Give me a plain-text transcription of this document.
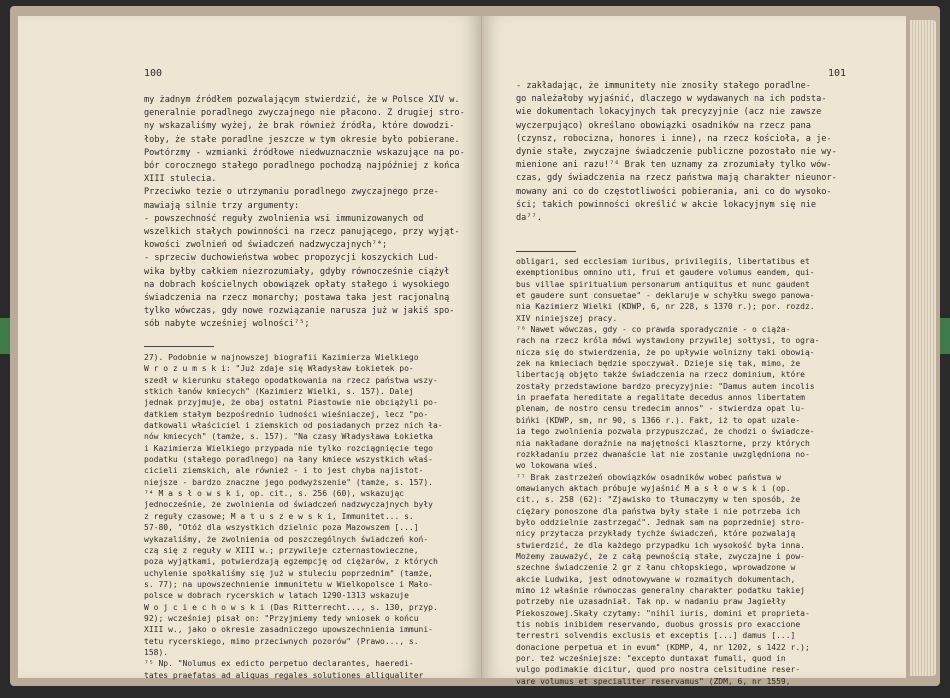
100
my żadnym źródłem pozwalającym stwierdzić, że w Polsce XIV w.
generalnie poradlnego zwyczajnego nie płacono. Z drugiej stro-
ny wskazaliśmy wyżej, że brak również źródła, które dowodzi-
łoby, że stałe poradlne jeszcze w tym okresie było pobierane.
Powtórzmy - wzmianki źródłowe niedwuznacznie wskazujące na po-
bór corocznego stałego poradlnego pochodzą najpóźniej z końca
XIII stulecia.
Przeciwko tezie o utrzymaniu poradlnego zwyczajnego prze-
mawiają silnie trzy argumenty:
- powszechność reguły zwolnienia wsi immunizowanych od
wszelkich stałych powinności na rzecz panującego, przy wyjąt-
kowości zwolnień od świadczeń nadzwyczajnych⁷⁴;
- sprzeciw duchowieństwa wobec propozycji koszyckich Lud-
wika byłby całkiem niezrozumiały, gdyby równocześnie ciążył
na dobrach kościelnych obowiązek opłaty stałego i wysokiego
świadczenia na rzecz monarchy; postawa taka jest racjonalną
tylko wówczas, gdy nowe rozwiązanie narusza już w jakiś spo-
sób nabyte wcześniej wolności⁷⁵;
27). Podobnie w najnowszej biografii Kazimierza Wielkiego
W r o z u m s k i: "Już zdaje się Władysław Łokietek po-
szedł w kierunku stałego opodatkowania na rzecz państwa wszy-
stkich łanów kmiecych" (Kazimierz Wielki, s. 157). Dalej
jednak przyjmuje, że obaj ostatni Piastowie nie obciążyli po-
datkiem stałym bezpośrednio ludności wieśniaczej, lecz "po-
datkowali właściciel i ziemskich od posiadanych przez nich ła-
nów kmiecych" (tamże, s. 157). "Na czasy Władysława Łokietka
i Kazimierza Wielkiego przypada nie tylko rozciągnięcie tego
podatku (stałego poradlnego) na łany kmiece wszystkich właś-
cicieli ziemskich, ale również - i to jest chyba najistot-
niejsze - bardzo znaczne jego podwyższenie" (tamże, s. 157).
⁷⁴ M a s ł o w s k i, op. cit., s. 256 (60), wskazując
jednocześnie, że zwolnienia od świadczeń nadzwyczajnych były
z reguły czasowe; M a t u s z e w s k i, Immunitet... s.
57-80, "Otóż dla wszystkich dzielnic poza Mazowszem [...]
wykazaliśmy, że zwolnienia od poszczególnych świadczeń koń-
czą się z reguły w XIII w.; przywileje czternastowieczne,
poza wyjątkami, potwierdzają egzempcję od ciężarów, z których
uchylenie społkaliśmy się już w stuleciu poprzednim" (tamże,
s. 77); na upowszechnienie immunitetu w Wielkopolsce i Mało-
polsce w dobrach rycerskich w latach 1290-1313 wskazuje
W o j c i e c h o w s k i (Das Ritterrecht..., s. 130, przyp.
92); wcześniej pisał on: "Przyjmiemy tedy wniosek o końcu
XIII w., jako o okresie zasadniczego upowszechnienia immuni-
tetu rycerskiego, mimo przeciwnych pozorów" (Prawo..., s.
158).
⁷⁵ Np. "Nolumus ex edicto perpetuo declarantes, haeredi-
tates praefatas ad aliquas regales solutiones alliqualiter
101
- zakładając, że immunitety nie znosiły stałego poradlne-
go należałoby wyjaśnić, dlaczego w wydawanych na ich podsta-
wie dokumentach lokacyjnych tak precyzyjnie (acz nie zawsze
wyczerpująco) określano obowiązki osadników na rzecz pana
(czynsz, robocizna, honores i inne), na rzecz kościoła, a je-
dynie stałe, zwyczajne świadczenie publiczne pozostało nie wy-
mienione ani razu!⁷⁶ Brak ten uznamy za zrozumiały tylko wów-
czas, gdy świadczenia na rzecz państwa mają charakter nieunor-
mowany ani co do częstotliwości pobierania, ani co do wysoko-
ści; takich powinności określić w akcie lokacyjnym się nie
da⁷⁷.
obligari, sed ecclesiam iuribus, privilegiis, libertatibus et
exemptionibus omnino uti, frui et gaudere volumus eandem, qui-
bus villae spiritualium personarum antiquitus et nunc gaudent
et gaudere sunt consuetae" - deklaruje w schyłku swego panowa-
nia Kazimierz Wielki (KDWP, 6, nr 228, s 1370 r.); por. rozdz.
XIV niniejszej pracy.
⁷⁶ Nawet wówczas, gdy - co prawda sporadycznie - o ciąża-
rach na rzecz króla mówi wystawiony przywilej sołtysi, to ogra-
nicza się do stwierdzenia, że po upływie wolnizny taki obowią-
zek na kmieciach będzie spoczywał. Dzieje się tak, mimo, że
libertacją objęto także świadczenia na rzecz dominium, które
zostały przedstawione bardzo precyzyjnie: "Damus autem incolis
in praefata hereditate a regalitate decedus annos libertatem
plenam, de nostro censu tredecim annos" - stwierdza opat lu-
bińki (KDWP, sm, nr 90, s 1366 r.). Fakt, iż to opat uzale-
ia tego zwolnienia pozwala przypuszczać, że chodzi o świadcze-
nia nakładane doraźnie na majętności klasztorne, przy których
rozkładaniu przez dwanaście lat nie zostanie uwzględniona no-
wo lokowana wieś.
⁷⁷ Brak zastrzeżeń obowiązków osadników wobec państwa w
omawianych aktach próbuje wyjaśnić M a s ł o w s k i (op.
cit., s. 258 (62): "Zjawisko to tłumaczymy w ten sposób, że
ciężary ponoszone dla państwa były stałe i nie potrzeba ich
było oddzielnie zastrzegać". Jednak sam na poprzedniej stro-
nicy przytacza przykłady tychże świadczeń, które pozwalają
stwierdzić, że dla każdego przypadku ich wysokość była inna.
Możemy zauważyć, że z całą pewnością stałe, zwyczajne i pow-
szechne świadczenie 2 gr z łanu chłopskiego, wprowadzone w
akcie Ludwika, jest odnotowywane w rozmaitych dokumentach,
mimo iż właśnie równoczas generalny charakter podatku takiej
potrzeby nie uzasadniał. Tak np. w nadaniu praw Jagiełły
Piekoszowej.Skały czytamy: "nihil iuris, domini et proprieta-
tis nobis inibidem reservando, duobus grossis pro exaccione
terrestri solvendis exclusis et exceptis [...] damus [...]
donacione perpetua et in evum" (KDMP, 4, nr 1202, s 1422 r.);
por. też wcześniejsze: "excepto duntaxat fumali, quod in
vulgo podimakie dicitur, quod pro nostra celsitudine reser-
vare volumus et specialiter reservamus" (ZDM, 6, nr 1559,
z 1389 r.); "eximimus tamen pro nobis ac nostris successo-
